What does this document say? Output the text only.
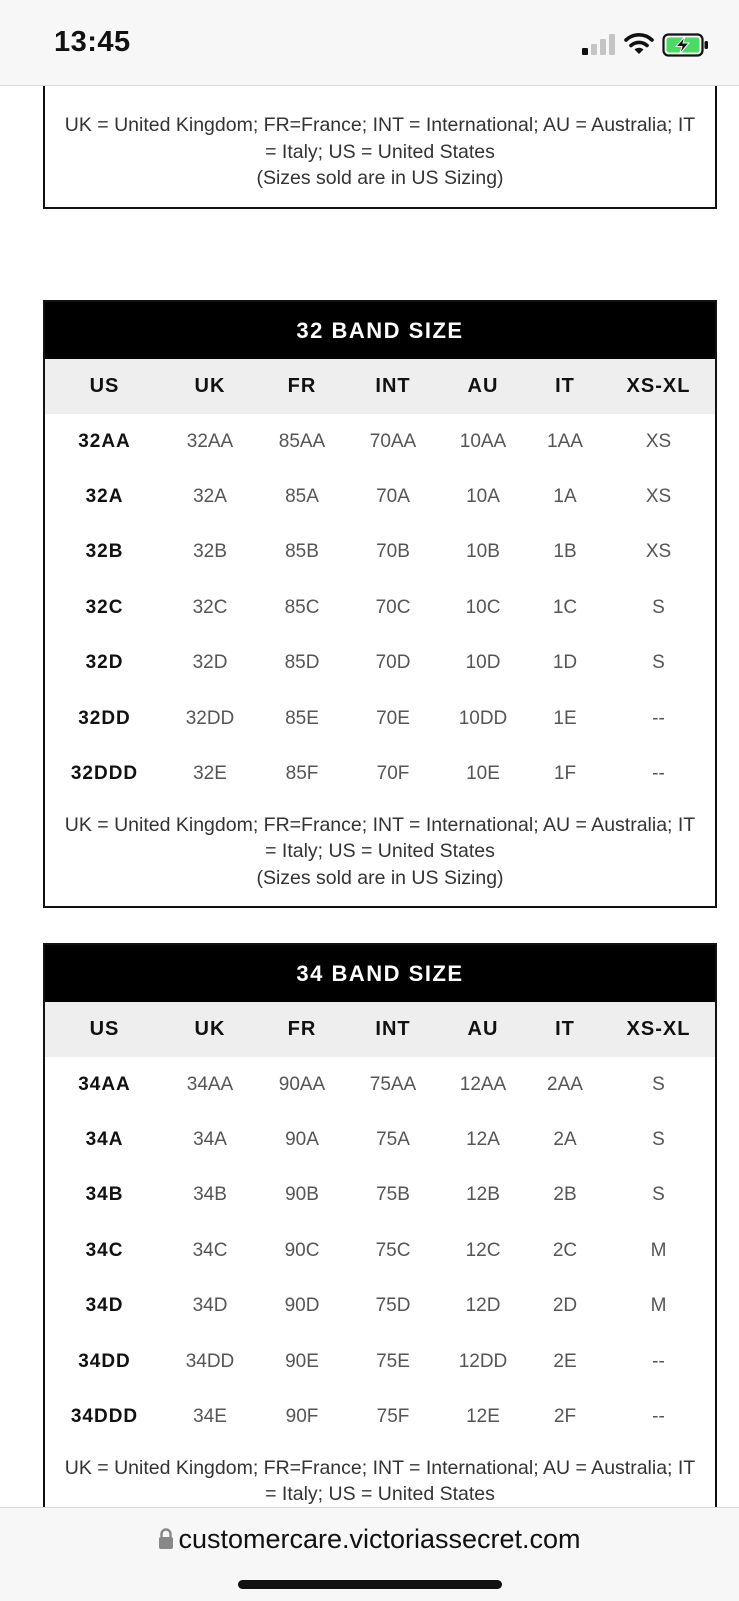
13:45
UK = United Kingdom; FR=France; INT = International; AU = Australia; IT
= Italy; US = United States
(Sizes sold are in US Sizing)
32 BAND SIZE
US	UK	FR	INT	AU	IT	XS-XL
32AA	32AA	85AA	70AA	10AA	1AA	XS
32A	32A	85A	70A	10A	1A	XS
32B	32B	85B	70B	10B	1B	XS
32C	32C	85C	70C	10C	1C	S
32D	32D	85D	70D	10D	1D	S
32DD	32DD	85E	70E	10DD	1E	--
32DDD	32E	85F	70F	10E	1F	--
UK = United Kingdom; FR=France; INT = International; AU = Australia; IT
= Italy; US = United States
(Sizes sold are in US Sizing)
34 BAND SIZE
US	UK	FR	INT	AU	IT	XS-XL
34AA	34AA	90AA	75AA	12AA	2AA	S
34A	34A	90A	75A	12A	2A	S
34B	34B	90B	75B	12B	2B	S
34C	34C	90C	75C	12C	2C	M
34D	34D	90D	75D	12D	2D	M
34DD	34DD	90E	75E	12DD	2E	--
34DDD	34E	90F	75F	12E	2F	--
UK = United Kingdom; FR=France; INT = International; AU = Australia; IT
= Italy; US = United States
customercare.victoriassecret.com
